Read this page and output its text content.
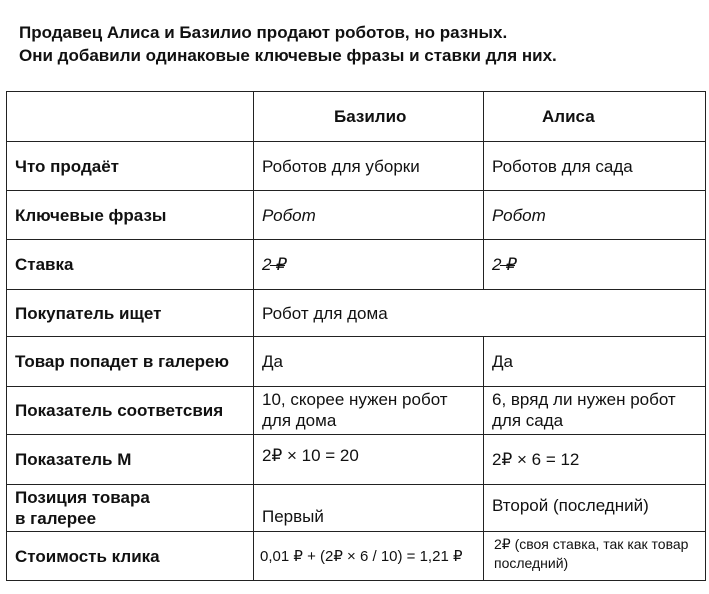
Продавец Алиса и Базилио продают роботов, но разных.
Они добавили одинаковые ключевые фразы и ставки для них.
	Базилио	Алиса
Что продаёт	Роботов для уборки	Роботов для сада
Ключевые фразы	Робот	Робот
Ставка	2 ₽	2 ₽
Покупатель ищет	Робот для дома	
Товар попадет в галерею	Да	Да
Показатель соответсвия	10, скорее нужен робот для дома	6, вряд ли нужен робот для сада
Показатель M	2₽ × 10 = 20	2₽ × 6 = 12

Позиция товара
в галерее	Первый	Второй (последний)
Стоимость клика	0,01 ₽ + (2₽ × 6 / 10) = 1,21 ₽	2₽ (своя ставка, так как товар последний)
